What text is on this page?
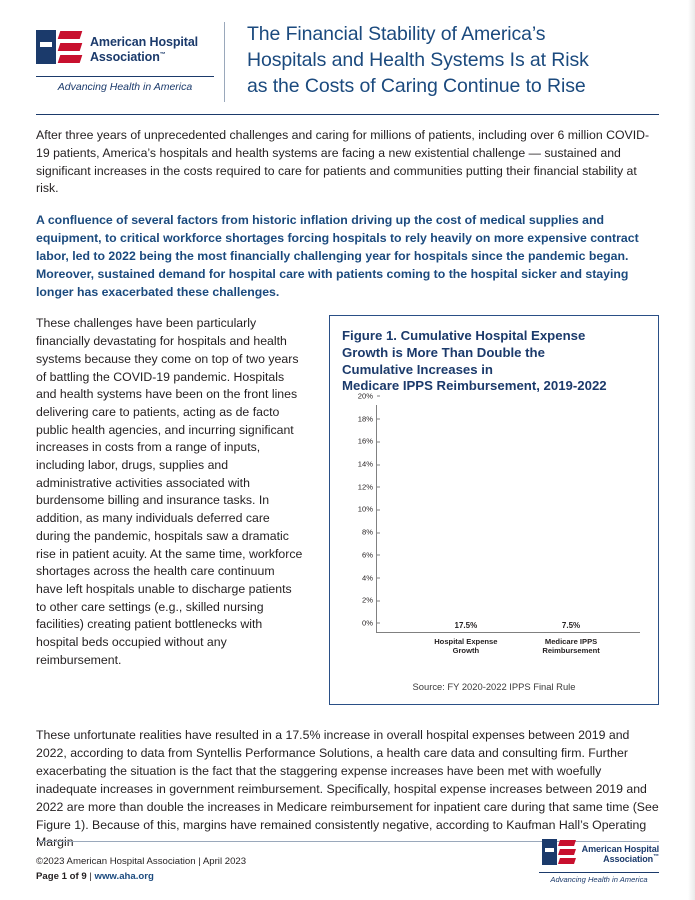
American Hospital
Association™
Advancing Health in America
The Financial Stability of America’s
Hospitals and Health Systems Is at Risk
as the Costs of Caring Continue to Rise

After three years of unprecedented challenges and caring for millions of patients, including over 6 million COVID-19 patients, America’s hospitals and health systems are facing a new existential challenge — sustained and significant increases in the costs required to care for patients and communities putting their financial stability at risk.

A confluence of several factors from historic inflation driving up the cost of medical supplies and equipment, to critical workforce shortages forcing hospitals to rely heavily on more expensive contract labor, led to 2022 being the most financially challenging year for hospitals since the pandemic began. Moreover, sustained demand for hospital care with patients coming to the hospital sicker and staying longer has exacerbated these challenges.

Figure 1. Cumulative Hospital Expense
Growth is More Than Double the
Cumulative Increases in
Medicare IPPS Reimbursement, 2019-2022
0%
2%
4%
6%
8%
10%
12%
14%
16%
18%
20%
17.5%
Hospital Expense
Growth
7.5%
Medicare IPPS
Reimbursement
Source: FY 2020-2022 IPPS Final Rule

These challenges have been particularly financially devastating for hospitals and health systems because they come on top of two years of battling the COVID-19 pandemic. Hospitals and health systems have been on the front lines delivering care to patients, acting as de facto public health agencies, and incurring significant increases in costs from a range of inputs, including labor, drugs, supplies and administrative activities associated with burdensome billing and insurance tasks. In addition, as many individuals deferred care during the pandemic, hospitals saw a dramatic rise in patient acuity. At the same time, workforce shortages across the health care continuum have left hospitals unable to discharge patients to other care settings (e.g., skilled nursing facilities) creating patient bottlenecks with hospital beds occupied without any reimbursement.

These unfortunate realities have resulted in a 17.5% increase in overall hospital expenses between 2019 and 2022, according to data from Syntellis Performance Solutions, a health care data and consulting firm. Further exacerbating the situation is the fact that the staggering expense increases have been met with woefully inadequate increases in government reimbursement. Specifically, hospital expense increases between 2019 and 2022 are more than double the increases in Medicare reimbursement for inpatient care during that same time (See Figure 1). Because of this, margins have remained consistently negative, according to Kaufman Hall’s Operating Margin

©2023 American Hospital Association | April 2023
Page 1 of 9 | www.aha.org
American Hospital
Association™
Advancing Health in America
